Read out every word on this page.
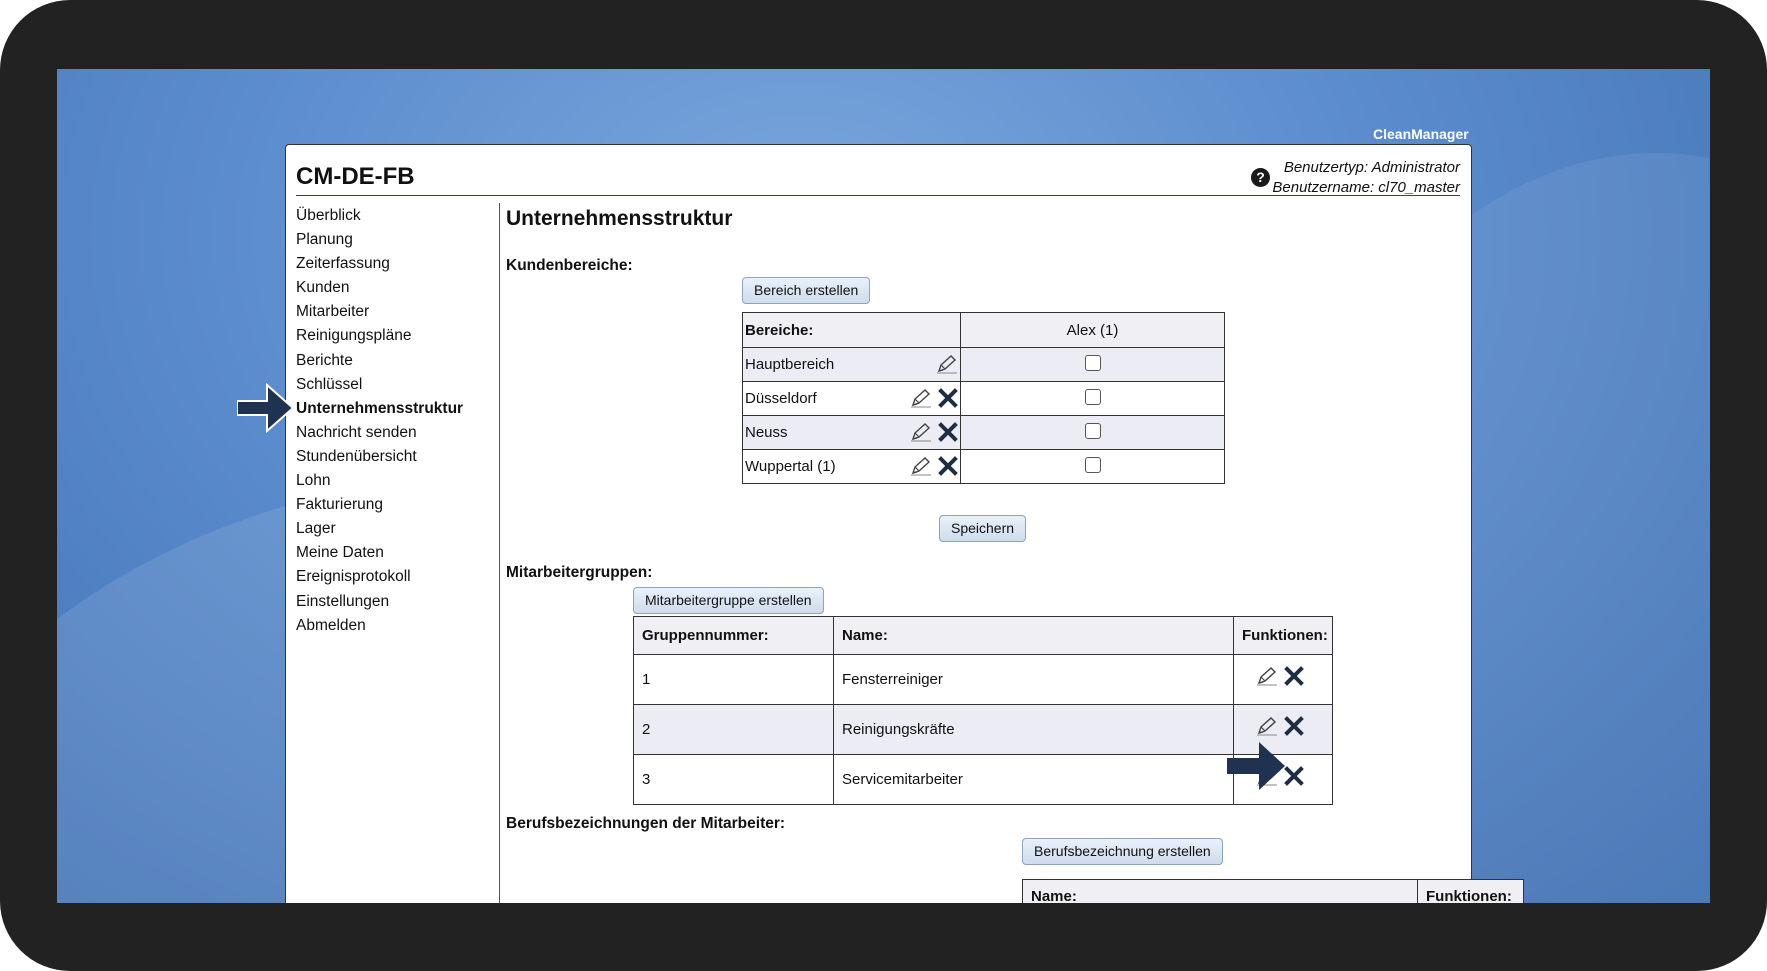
CleanManager
CM-DE-FB	?
Benutzertyp: Administrator
Benutzername: cl70_master
Überblick
Planung
Zeiterfassung
Kunden
Mitarbeiter
Reinigungspläne
Berichte
Schlüssel
Unternehmensstruktur
Nachricht senden
Stundenübersicht
Lohn
Fakturierung
Lager
Meine Daten
Ereignisprotokoll
Einstellungen
Abmelden
Unternehmensstruktur
Kundenbereiche:
Bereich erstellen
Bereiche:	Alex (1)
Hauptbereich

Düsseldorf

Neuss

Wuppertal (1)

Speichern
Mitarbeitergruppen:
Mitarbeitergruppe erstellen
Gruppennummer:	Name:	Funktionen:
1	Fensterreiniger	

2	Reinigungskräfte	

3	Servicemitarbeiter	
Berufsbezeichnungen der Mitarbeiter:
Berufsbezeichnung erstellen
Name:	Funktionen:
